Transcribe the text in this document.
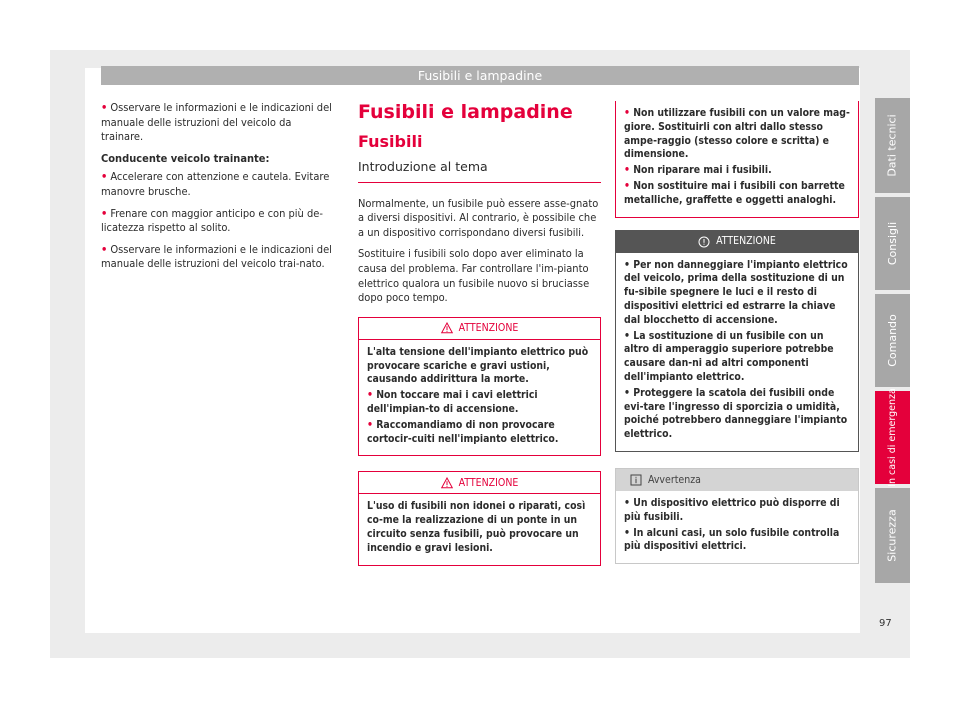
Fusibili e lampadine

• Osservare le informazioni e le indicazioni del manuale delle istruzioni del veicolo da trainare.

Conducente veicolo trainante:

• Accelerare con attenzione e cautela. Evitare manovre brusche.

• Frenare con maggior anticipo e con più de-licatezza rispetto al solito.

• Osservare le informazioni e le indicazioni del manuale delle istruzioni del veicolo trai-nato.

Fusibili e lampadine
Fusibili
Introduzione al tema

Normalmente, un fusibile può essere asse-gnato a diversi dispositivi. Al contrario, è possibile che a un dispositivo corrispondano diversi fusibili.

Sostituire i fusibili solo dopo aver eliminato la causa del problema. Far controllare l'im-pianto elettrico qualora un fusibile nuovo si bruciasse dopo poco tempo.

ATTENZIONE

L'alta tensione dell'impianto elettrico può provocare scariche e gravi ustioni, causando addirittura la morte.

• Non toccare mai i cavi elettrici dell'impian-to di accensione.

• Raccomandiamo di non provocare cortocir-cuiti nell'impianto elettrico.

ATTENZIONE

L'uso di fusibili non idonei o riparati, così co-me la realizzazione di un ponte in un circuito senza fusibili, può provocare un incendio e gravi lesioni.

• Non utilizzare fusibili con un valore mag-giore. Sostituirli con altri dallo stesso ampe-raggio (stesso colore e scritta) e dimensione.

• Non riparare mai i fusibili.

• Non sostituire mai i fusibili con barrette metalliche, graffette e oggetti analoghi.

ATTENZIONE

• Per non danneggiare l'impianto elettrico del veicolo, prima della sostituzione di un fu-sibile spegnere le luci e il resto di dispositivi elettrici ed estrarre la chiave dal blocchetto di accensione.

• La sostituzione di un fusibile con un altro di amperaggio superiore potrebbe causare dan-ni ad altri componenti dell'impianto elettrico.

• Proteggere la scatola dei fusibili onde evi-tare l'ingresso di sporcizia o umidità, poiché potrebbero danneggiare l'impianto elettrico.

Avvertenza

• Un dispositivo elettrico può disporre di più fusibili.

• In alcuni casi, un solo fusibile controlla più dispositivi elettrici.

Dati tecnici
Consigli
Comando
In casi di emergenza
Sicurezza
97
